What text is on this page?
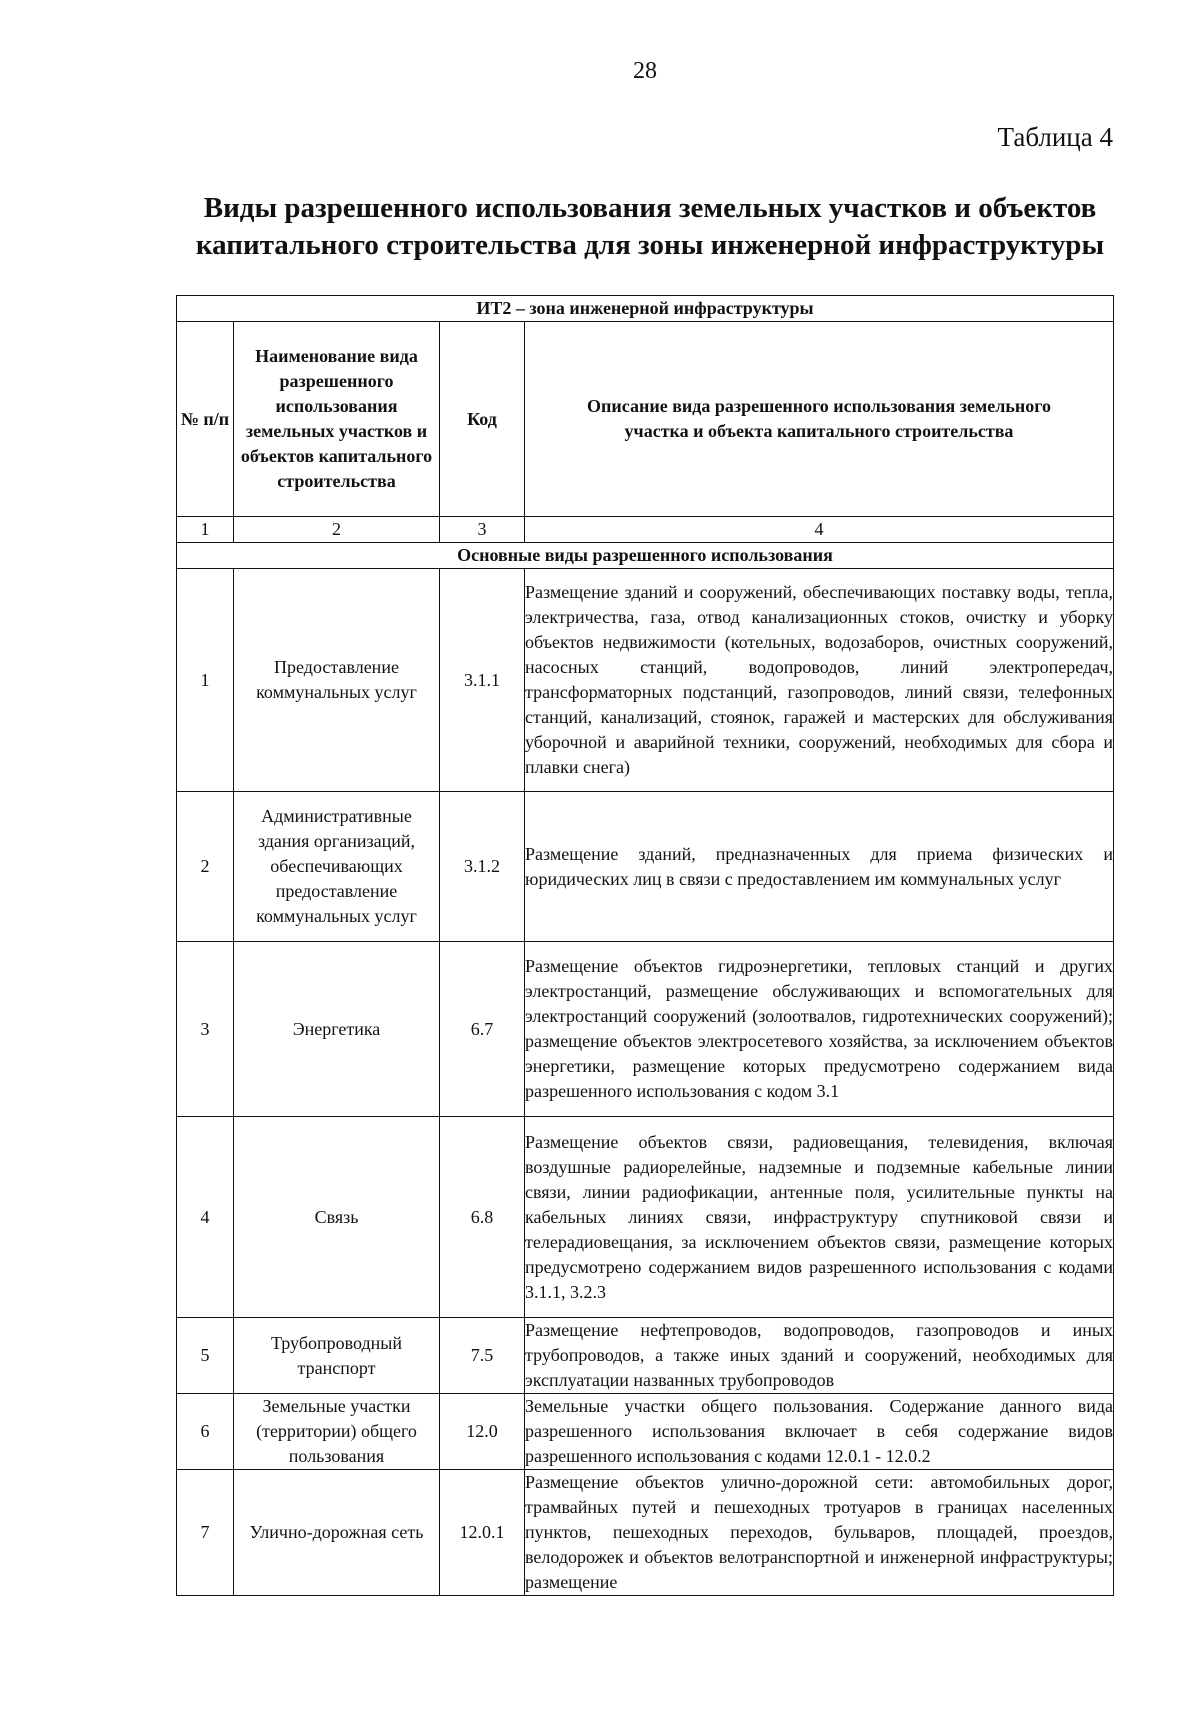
28
Таблица 4
Виды разрешенного использования земельных участков и объектов
капитального строительства для зоны инженерной инфраструктуры
ИТ2 – зона инженерной инфраструктуры			
№ п/п	Наименование вида разрешенного использования земельных участков и объектов капитального строительства	Код	Описание вида разрешенного использования земельного участка и объекта капитального строительства
1	2	3	4
Основные виды разрешенного использования			
1	Предоставление коммунальных услуг	3.1.1	Размещение зданий и сооружений, обеспечивающих поставку воды, тепла, электричества, газа, отвод канализационных стоков, очистку и уборку объектов недвижимости (котельных, водозаборов, очистных сооружений, насосных станций, водопроводов, линий электропередач, трансформаторных подстанций, газопроводов, линий связи, телефонных станций, канализаций, стоянок, гаражей и мастерских для обслуживания уборочной и аварийной техники, сооружений, необходимых для сбора и плавки снега)

2	Административные здания организаций, обеспечивающих предоставление коммунальных услуг	3.1.2	Размещение зданий, предназначенных для приема физических и юридических лиц в связи с предоставлением им коммунальных услуг

3	Энергетика	6.7	Размещение объектов гидроэнергетики, тепловых станций и других электростанций, размещение обслуживающих и вспомогательных для электростанций сооружений (золоотвалов, гидротехнических сооружений); размещение объектов электросетевого хозяйства, за исключением объектов энергетики, размещение которых предусмотрено содержанием вида разрешенного использования с кодом 3.1

4	Связь	6.8	Размещение объектов связи, радиовещания, телевидения, включая воздушные радиорелейные, надземные и подземные кабельные линии связи, линии радиофикации, антенные поля, усилительные пункты на кабельных линиях связи, инфраструктуру спутниковой связи и телерадиовещания, за исключением объектов связи, размещение которых предусмотрено содержанием видов разрешенного использования с кодами 3.1.1, 3.2.3

5	Трубопроводный транспорт	7.5	Размещение нефтепроводов, водопроводов, газопроводов и иных трубопроводов, а также иных зданий и сооружений, необходимых для эксплуатации названных трубопроводов

6	Земельные участки (территории) общего пользования	12.0	Земельные участки общего пользования. Содержание данного вида разрешенного использования включает в себя содержание видов разрешенного использования с кодами 12.0.1 - 12.0.2

7	Улично-дорожная сеть	12.0.1	Размещение объектов улично-дорожной сети: автомобильных дорог, трамвайных путей и пешеходных тротуаров в границах населенных пунктов, пешеходных переходов, бульваров, площадей, проездов, велодорожек и объектов велотранспортной и инженерной инфраструктуры; размещение
